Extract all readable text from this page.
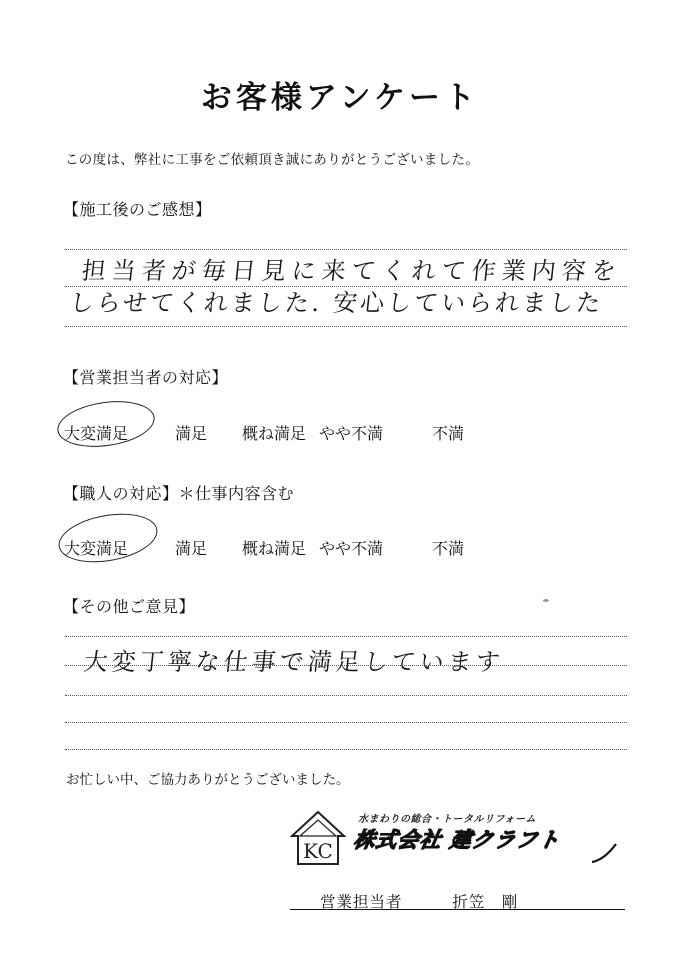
お客様アンケート
この度は、弊社に工事をご依頼頂き誠にありがとうございました。
【施工後のご感想】
担当者が毎日見に来てくれて作業内容を
しらせてくれました. 安心していられました
【営業担当者の対応】
大変満足	満足 概ね満足 やや不満	不満
【職人の対応】＊仕事内容含む
大変満足	満足 概ね満足 やや不満	不満
【その他ご意見】
大変丁寧な仕事で満足しています
お忙しい中、ご協力ありがとうございました。
KC
水まわりの総合・トータルリフォーム
株式会社 建クラフト
営業担当者	折笠　剛
